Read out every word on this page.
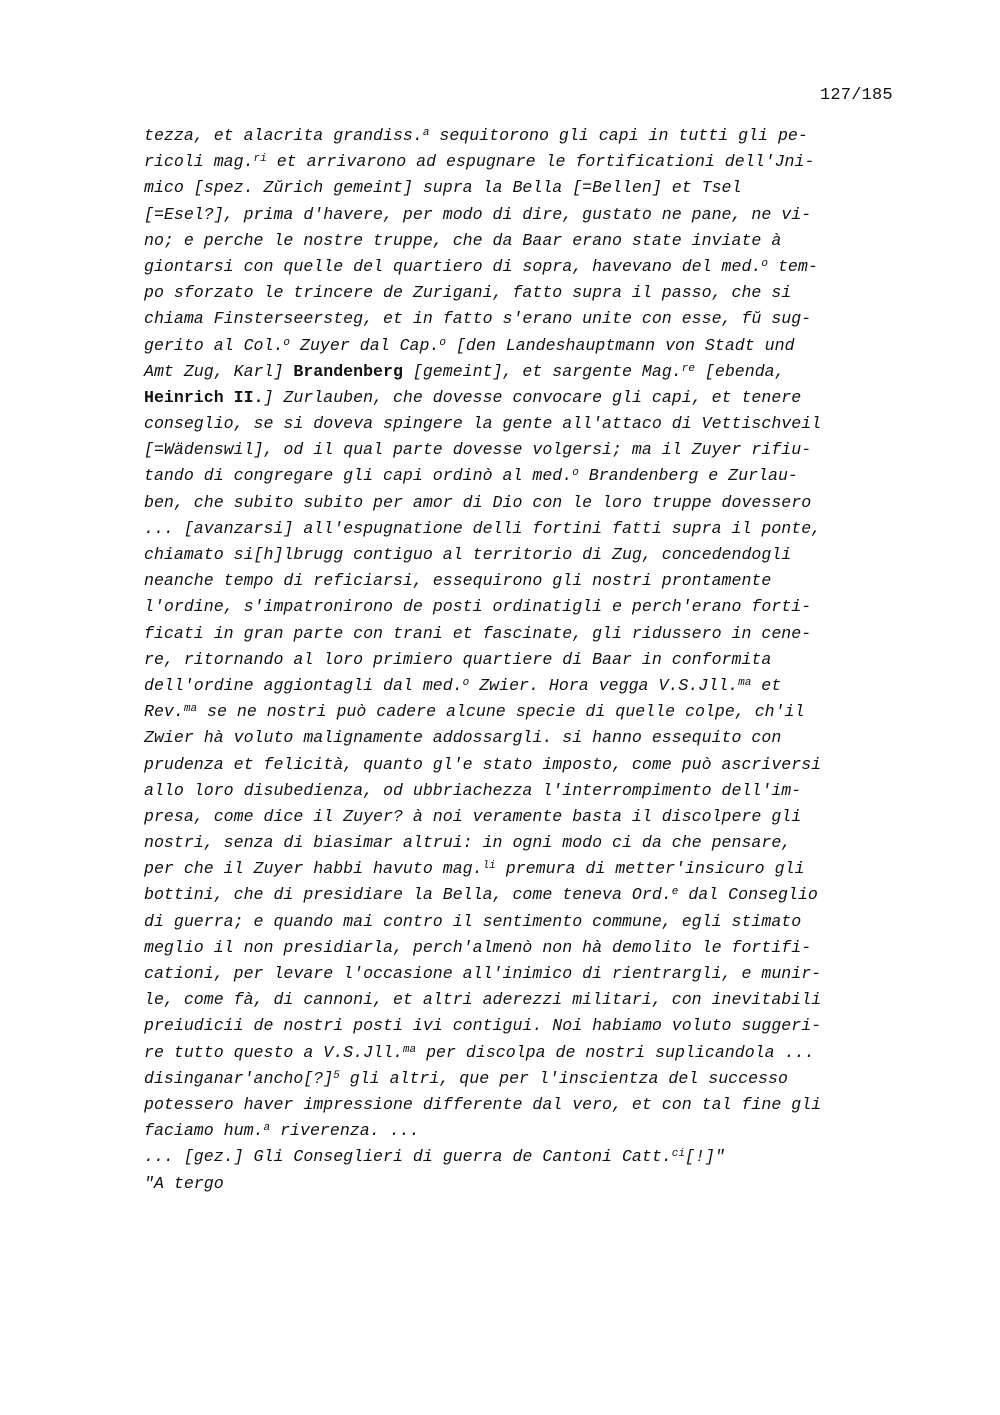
127/185
tezza, et alacrita grandiss.$^a$ sequitorono gli capi in tutti gli pe-
ricoli mag.$^{ri}$ et arrivarono ad espugnare le fortificationi dell'Jni-
mico [spez. Zŭrich gemeint] supra la Bella [=Bellen] et Tsel
[=Esel?], prima d'havere, per modo di dire, gustato ne pane, ne vi-
no; e perche le nostre truppe, che da Baar erano state inviate à
giontarsi con quelle del quartiero di sopra, havevano del med.$^o$ tem-
po sforzato le trincere de Zurigani, fatto supra il passo, che si
chiama Finsterseersteg, et in fatto s'erano unite con esse, fŭ sug-
gerito al Col.$^o$ Zuyer dal Cap.$^o$ [den Landeshauptmann von Stadt und
Amt Zug, Karl] Brandenberg [gemeint], et sargente Mag.$^{re}$ [ebenda,
Heinrich II.] Zurlauben, che dovesse convocare gli capi, et tenere
conseglio, se si doveva spingere la gente all'attaco di Vettischveil
[=Wädenswil], od il qual parte dovesse volgersi; ma il Zuyer rifiu-
tando di congregare gli capi ordinò al med.$^o$ Brandenberg e Zurlau-
ben, che subito subito per amor di Dio con le loro truppe dovessero
... [avanzarsi] all'espugnatione delli fortini fatti supra il ponte,
chiamato si[h]lbrugg contiguo al territorio di Zug, concedendogli
neanche tempo di reficiarsi, essequirono gli nostri prontamente
l'ordine, s'impatronirono de posti ordinatigli e perch'erano forti-
ficati in gran parte con trani et fascinate, gli ridussero in cene-
re, ritornando al loro primiero quartiere di Baar in conformita
dell'ordine aggiontagli dal med.$^o$ Zwier. Hora vegga V.S.Jll.$^{ma}$ et
Rev.$^{ma}$ se ne nostri può cadere alcune specie di quelle colpe, ch'il
Zwier hà voluto malignamente addossargli. si hanno essequito con
prudenza et felicità, quanto gl'e stato imposto, come può ascriversi
allo loro disubedienza, od ubbriachezza l'interrompimento dell'im-
presa, come dice il Zuyer? à noi veramente basta il discolpere gli
nostri, senza di biasimar altrui: in ogni modo ci da che pensare,
per che il Zuyer habbi havuto mag.$^{li}$ premura di metter'insicuro gli
bottini, che di presidiare la Bella, come teneva Ord.$^e$ dal Conseglio
di guerra; e quando mai contro il sentimento commune, egli stimato
meglio il non presidiarla, perch'almenò non hà demolito le fortifi-
cationi, per levare l'occasione all'inimico di rientrargli, e munir-
le, come fà, di cannoni, et altri aderezzi militari, con inevitabili
preiudicii de nostri posti ivi contigui. Noi habiamo voluto suggeri-
re tutto questo a V.S.Jll.$^{ma}$ per discolpa de nostri suplicandola ...
disinganar'ancho[?]$^5$ gli altri, que per l'inscientza del successo
potessero haver impressione differente dal vero, et con tal fine gli
faciamo hum.$^a$ riverenza. ...
... [gez.] Gli Conseglieri di guerra de Cantoni Catt.$^{ci}$[!]"
"A tergo
